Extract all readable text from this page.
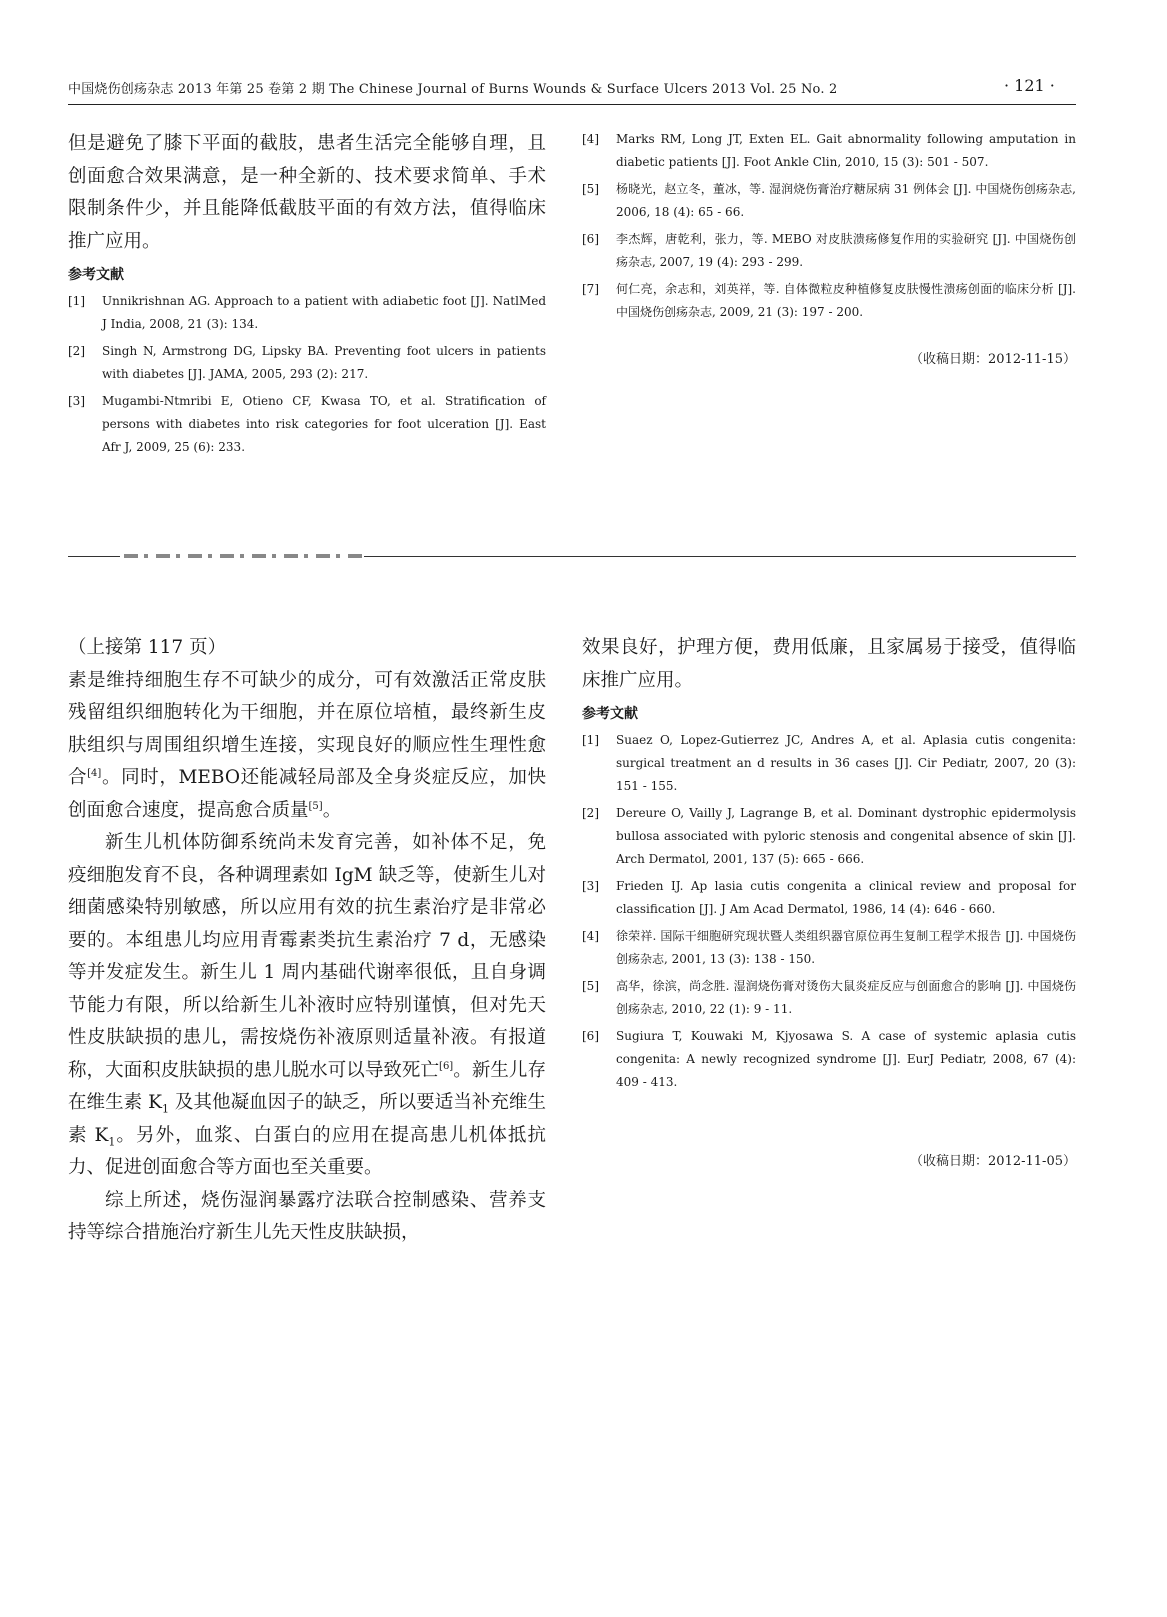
中国烧伤创疡杂志 2013 年第 25 卷第 2 期 The Chinese Journal of Burns Wounds & Surface Ulcers 2013 Vol. 25 No. 2	· 121 ·

但是避免了膝下平面的截肢，患者生活完全能够自理，且创面愈合效果满意，是一种全新的、技术要求简单、手术限制条件少，并且能降低截肢平面的有效方法，值得临床推广应用。

参考文献
[1]	Unnikrishnan AG. Approach to a patient with adiabetic foot [J]. NatlMed J India, 2008, 21 (3): 134.
[2]	Singh N, Armstrong DG, Lipsky BA. Preventing foot ulcers in patients with diabetes [J]. JAMA, 2005, 293 (2): 217.
[3]	Mugambi-Ntmribi E, Otieno CF, Kwasa TO, et al. Stratification of persons with diabetes into risk categories for foot ulceration [J]. East Afr J, 2009, 25 (6): 233.
[4]	Marks RM, Long JT, Exten EL. Gait abnormality following amputation in diabetic patients [J]. Foot Ankle Clin, 2010, 15 (3): 501 - 507.
[5]	杨晓光，赵立冬，董冰，等. 湿润烧伤膏治疗糖尿病 31 例体会 [J]. 中国烧伤创疡杂志, 2006, 18 (4): 65 - 66.
[6]	李杰辉，唐乾利，张力，等. MEBO 对皮肤溃疡修复作用的实验研究 [J]. 中国烧伤创疡杂志, 2007, 19 (4): 293 - 299.
[7]	何仁亮，余志和，刘英祥，等. 自体微粒皮种植修复皮肤慢性溃疡创面的临床分析 [J]. 中国烧伤创疡杂志, 2009, 21 (3): 197 - 200.
（收稿日期：2012-11-15）

（上接第 117 页）

素是维持细胞生存不可缺少的成分，可有效激活正常皮肤残留组织细胞转化为干细胞，并在原位培植，最终新生皮肤组织与周围组织增生连接，实现良好的顺应性生理性愈合[4]。同时，MEBO还能减轻局部及全身炎症反应，加快创面愈合速度，提高愈合质量[5]。

新生儿机体防御系统尚未发育完善，如补体不足，免疫细胞发育不良，各种调理素如 IgM 缺乏等，使新生儿对细菌感染特别敏感，所以应用有效的抗生素治疗是非常必要的。本组患儿均应用青霉素类抗生素治疗 7 d，无感染等并发症发生。新生儿 1 周内基础代谢率很低，且自身调节能力有限，所以给新生儿补液时应特别谨慎，但对先天性皮肤缺损的患儿，需按烧伤补液原则适量补液。有报道称，大面积皮肤缺损的患儿脱水可以导致死亡[6]。新生儿存在维生素 $K_1$ 及其他凝血因子的缺乏，所以要适当补充维生素 $K_1$。另外，血浆、白蛋白的应用在提高患儿机体抵抗力、促进创面愈合等方面也至关重要。

综上所述，烧伤湿润暴露疗法联合控制感染、营养支持等综合措施治疗新生儿先天性皮肤缺损，

效果良好，护理方便，费用低廉，且家属易于接受，值得临床推广应用。

参考文献
[1]	Suaez O, Lopez-Gutierrez JC, Andres A, et al. Aplasia cutis congenita: surgical treatment an d results in 36 cases [J]. Cir Pediatr, 2007, 20 (3): 151 - 155.
[2]	Dereure O, Vailly J, Lagrange B, et al. Dominant dystrophic epidermolysis bullosa associated with pyloric stenosis and congenital absence of skin [J]. Arch Dermatol, 2001, 137 (5): 665 - 666.
[3]	Frieden IJ. Ap lasia cutis congenita a clinical review and proposal for classification [J]. J Am Acad Dermatol, 1986, 14 (4): 646 - 660.
[4]	徐荣祥. 国际干细胞研究现状暨人类组织器官原位再生复制工程学术报告 [J]. 中国烧伤创疡杂志, 2001, 13 (3): 138 - 150.
[5]	高华，徐滨，尚念胜. 湿润烧伤膏对烫伤大鼠炎症反应与创面愈合的影响 [J]. 中国烧伤创疡杂志, 2010, 22 (1): 9 - 11.
[6]	Sugiura T, Kouwaki M, Kjyosawa S. A case of systemic aplasia cutis congenita: A newly recognized syndrome [J]. EurJ Pediatr, 2008, 67 (4): 409 - 413.
（收稿日期：2012-11-05）
